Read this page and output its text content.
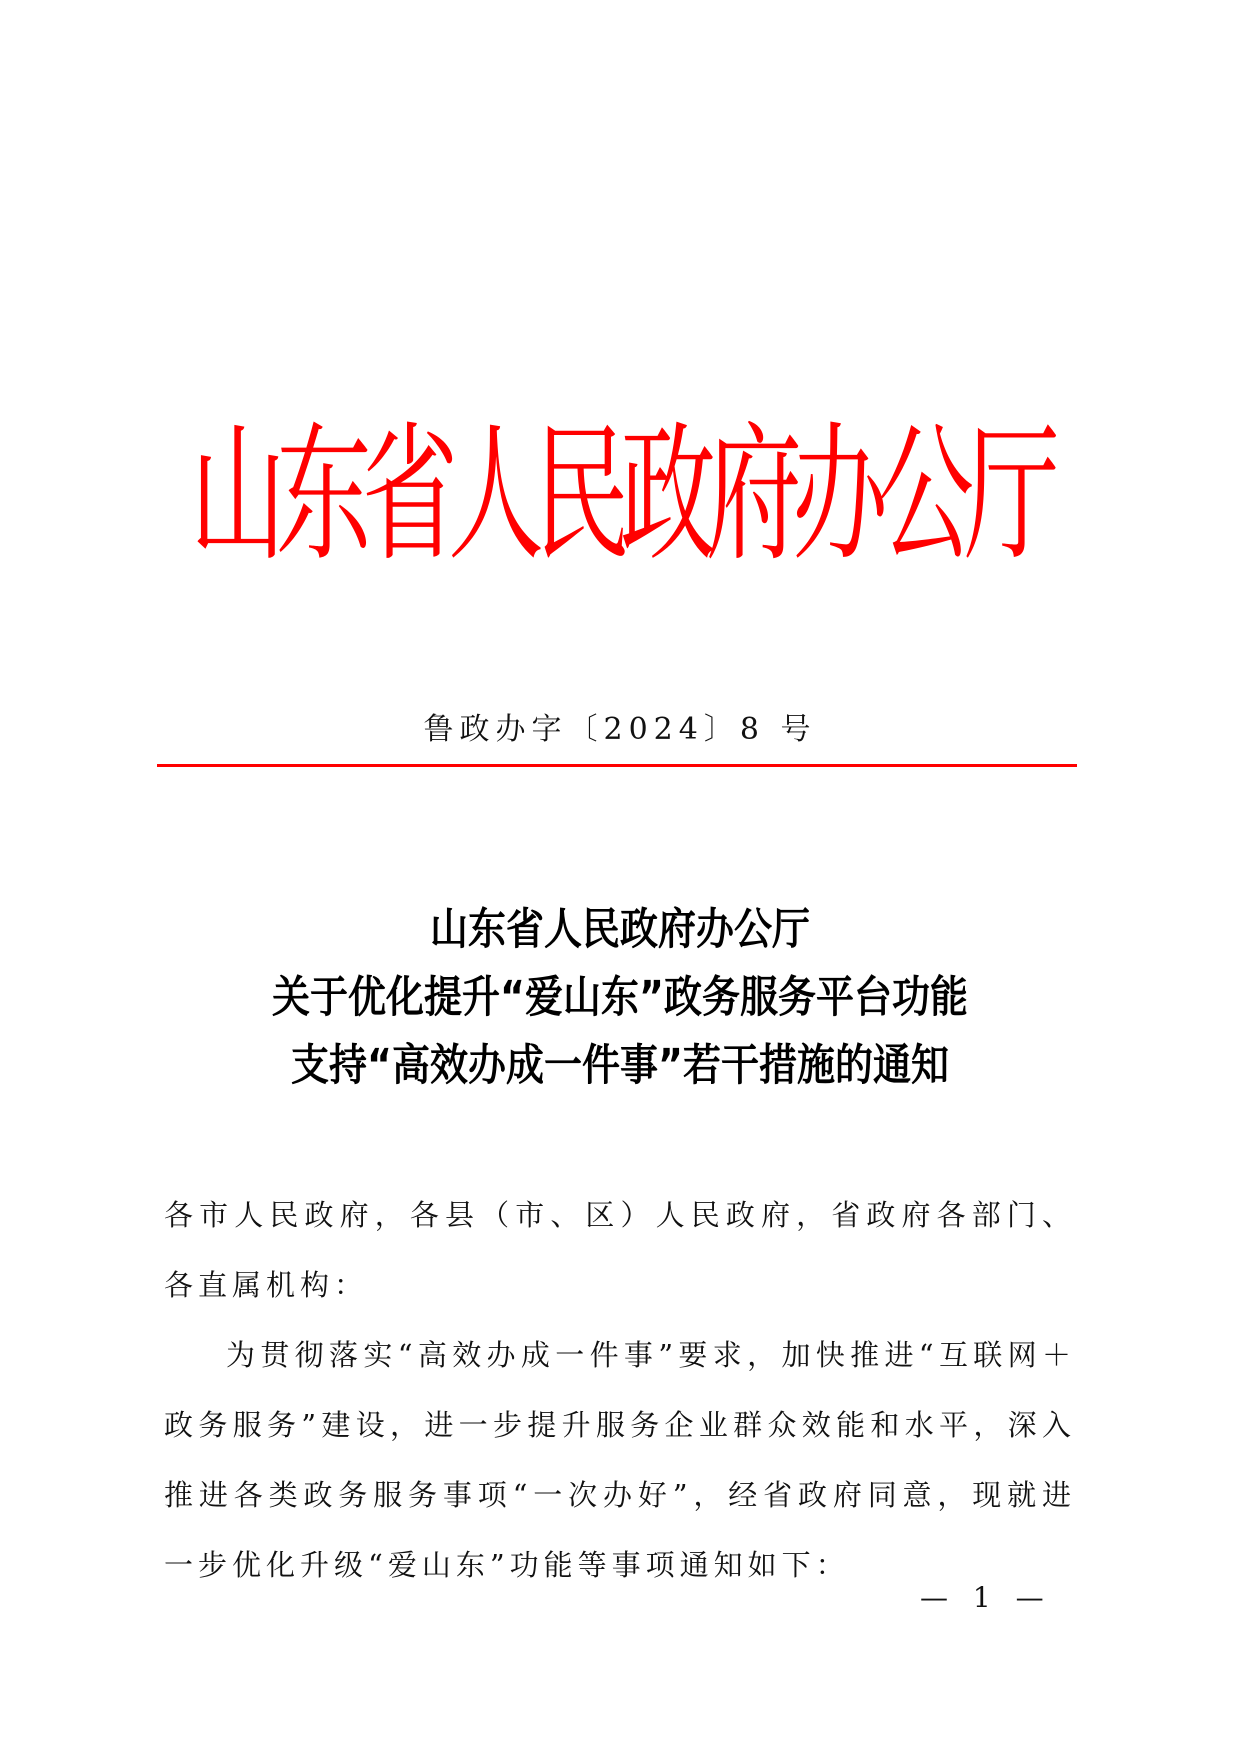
山
东
省
人
民
政
府
办
公
厅
鲁政办字〔2024〕8 号
山东省人民政府办公厅
关于优化提升“爱山东”政务服务平台功能
支持“高效办成一件事”若干措施的通知

各市人民政府，各县（市、区）人民政府，省政府各部门、各直属机构：

为贯彻落实“高效办成一件事”要求，加快推进“互联网＋政务服务”建设，进一步提升服务企业群众效能和水平，深入推进各类政务服务事项“一次办好”，经省政府同意，现就进一步优化升级“爱山东”功能等事项通知如下：

— 1 —
